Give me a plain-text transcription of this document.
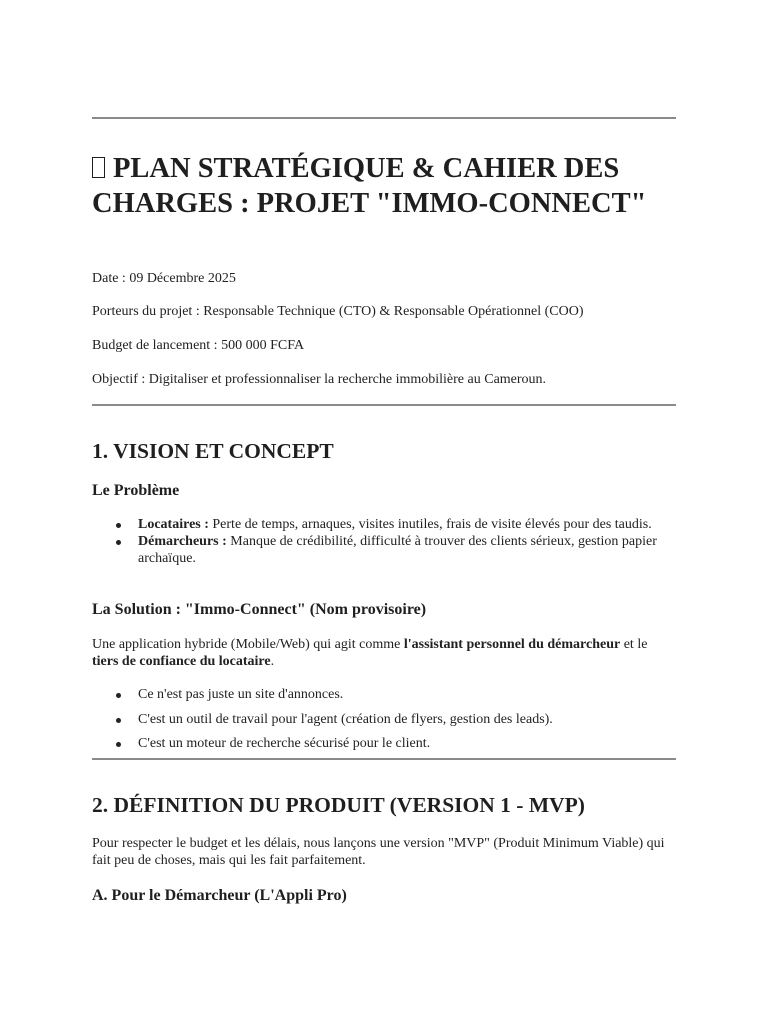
PLAN STRATÉGIQUE & CAHIER DES CHARGES : PROJET "IMMO-CONNECT"

Date : 09 Décembre 2025

Porteurs du projet : Responsable Technique (CTO) & Responsable Opérationnel (COO)

Budget de lancement : 500 000 FCFA

Objectif : Digitaliser et professionnaliser la recherche immobilière au Cameroun.

1. VISION ET CONCEPT
Le Problème
Locataires : Perte de temps, arnaques, visites inutiles, frais de visite élevés pour des taudis.
Démarcheurs : Manque de crédibilité, difficulté à trouver des clients sérieux, gestion papier archaïque.
La Solution : "Immo-Connect" (Nom provisoire)

Une application hybride (Mobile/Web) qui agit comme l'assistant personnel du démarcheur et le tiers de confiance du locataire.

Ce n'est pas juste un site d'annonces.
C'est un outil de travail pour l'agent (création de flyers, gestion des leads).
C'est un moteur de recherche sécurisé pour le client.
2. DÉFINITION DU PRODUIT (VERSION 1 - MVP)

Pour respecter le budget et les délais, nous lançons une version "MVP" (Produit Minimum Viable) qui fait peu de choses, mais qui les fait parfaitement.

A. Pour le Démarcheur (L'Appli Pro)
